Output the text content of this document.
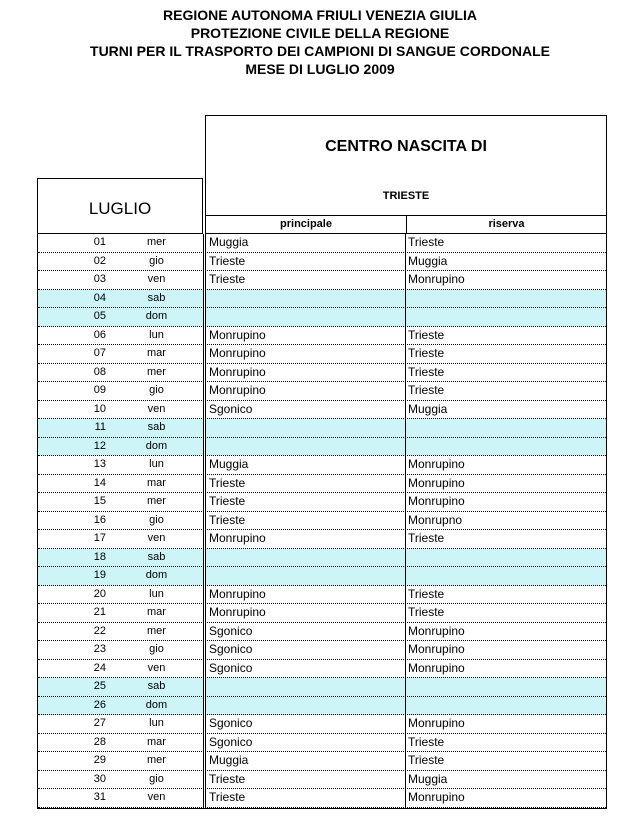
REGIONE AUTONOMA FRIULI VENEZIA GIULIA
PROTEZIONE CIVILE DELLA REGIONE
TURNI PER IL TRASPORTO DEI CAMPIONI DI SANGUE CORDONALE
MESE DI LUGLIO 2009
CENTRO NASCITA DI
TRIESTE
LUGLIO
principale	riserva
01	mer	Muggia	Trieste
02	gio	Trieste	Muggia
03	ven	Trieste	Monrupino
04	sab
05	dom
06	lun	Monrupino	Trieste
07	mar	Monrupino	Trieste
08	mer	Monrupino	Trieste
09	gio	Monrupino	Trieste
10	ven	Sgonico	Muggia
11	sab
12	dom
13	lun	Muggia	Monrupino
14	mar	Trieste	Monrupino
15	mer	Trieste	Monrupino
16	gio	Trieste	Monrupno
17	ven	Monrupino	Trieste
18	sab
19	dom
20	lun	Monrupino	Trieste
21	mar	Monrupino	Trieste
22	mer	Sgonico	Monrupino
23	gio	Sgonico	Monrupino
24	ven	Sgonico	Monrupino
25	sab
26	dom
27	lun	Sgonico	Monrupino
28	mar	Sgonico	Trieste
29	mer	Muggia	Trieste
30	gio	Trieste	Muggia
31	ven	Trieste	Monrupino
